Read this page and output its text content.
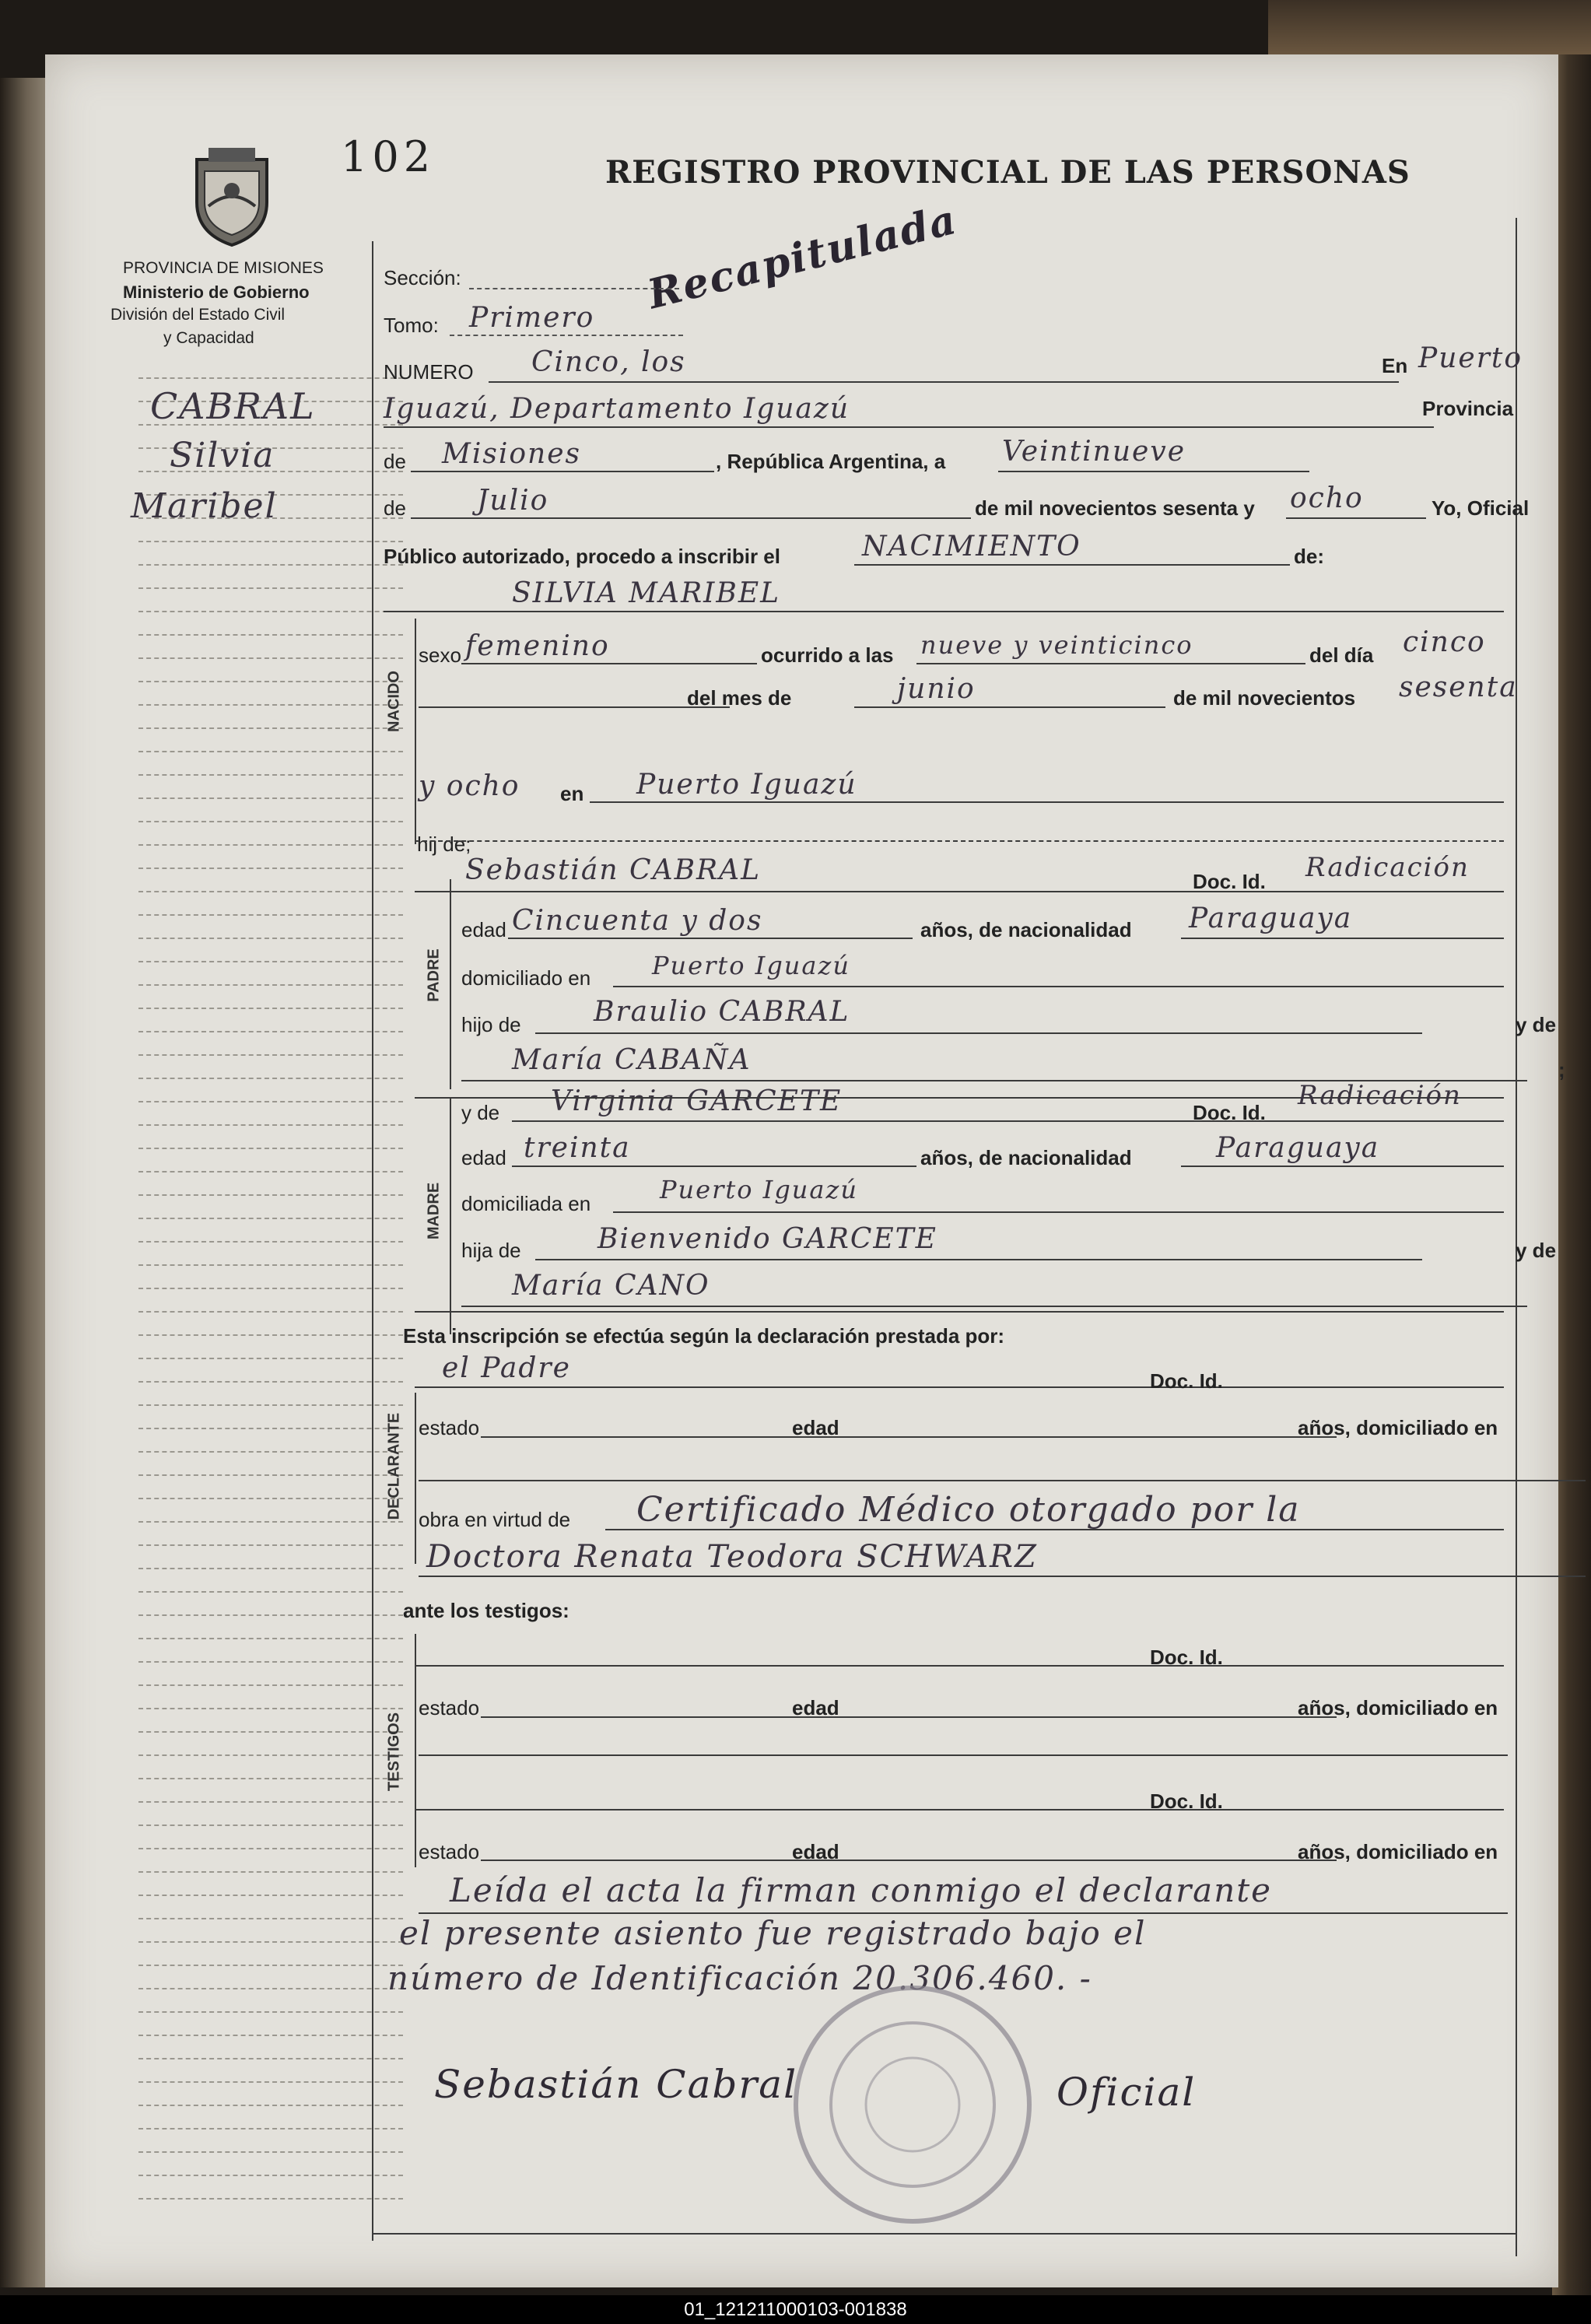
PROVINCIA DE MISIONES
Ministerio de Gobierno
División del Estado Civil
y Capacidad
102	REGISTRO PROVINCIAL DE LAS PERSONAS
Recapitulada
CABRAL
Silvia
Maribel
Sección:
Tomo: Primero
NUMERO Cinco, los	En Puerto
Iguazú, Departamento Iguazú	Provincia
de Misiones	, República Argentina, a Veintinueve
de	Julio	de mil novecientos sesenta y ocho	Yo, Oficial
Público autorizado, procedo a inscribir el	NACIMIENTO	de:
SILVIA MARIBEL
NACIDO
sexo femenino	ocurrido a las nueve y veinticinco	del día cinco
del mes de	junio	de mil novecientos sesenta
y ocho en Puerto Iguazú
hij de;
Sebastián CABRAL	Doc. Id. Radicación
PADRE
edad Cincuenta y dos	años, de nacionalidad Paraguaya
domiciliado en Puerto Iguazú
hijo de	Braulio CABRAL	y de
María CABAÑA	;
y de Virginia GARCETE	Doc. Id.
Radicación
MADRE
edad treinta	años, de nacionalidad	Paraguaya
domiciliada en	Puerto Iguazú
hija de	Bienvenido GARCETE	y de
María CANO
Esta inscripción se efectúa según la declaración prestada por:
el Padre	Doc. Id.
DECLARANTE estado	edad	años, domiciliado en
obra en virtud de Certificado Médico otorgado por la
Doctora Renata Teodora SCHWARZ
ante los testigos:
Doc. Id.
TESTIGOS
estado	edad	años, domiciliado en
Doc. Id.
estado	edad	años, domiciliado en
Leída el acta la firman conmigo el declarante
el presente asiento fue registrado bajo el
número de Identificación 20.306.460. -
Sebastián Cabral	Oficial
01_121211000103-001838
